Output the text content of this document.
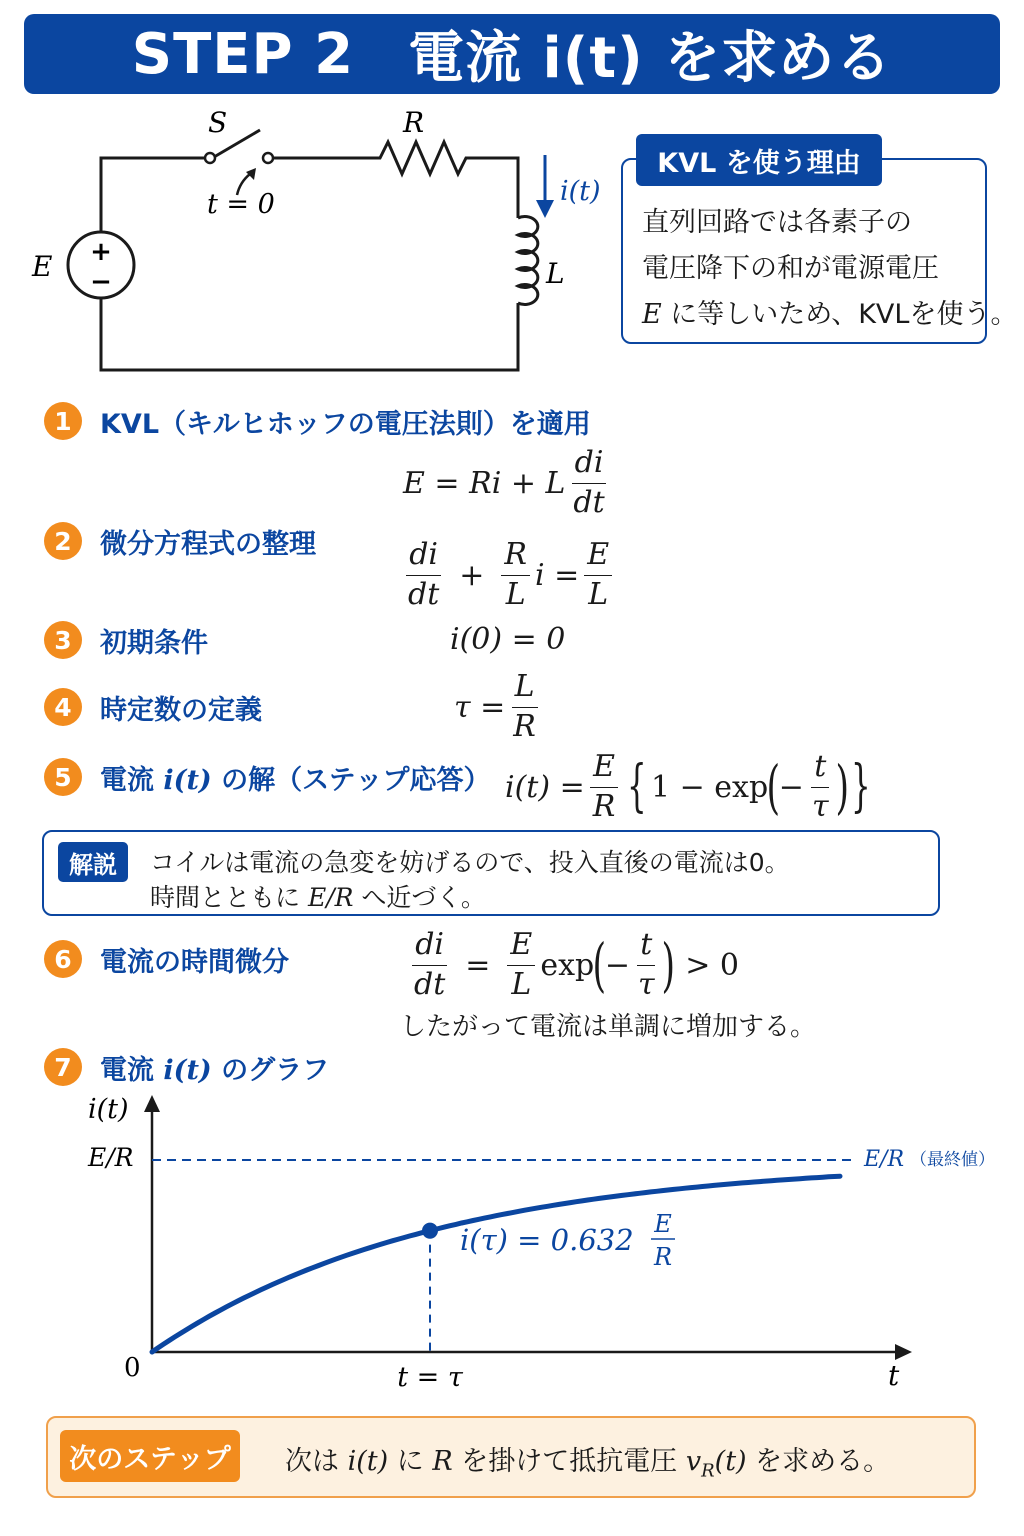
STEP 2 電流 i(t) を求める
S
t = 0
R
L
E
i(t)
+
−
KVL を使う理由
直列回路では各素子の
電圧降下の和が電源電圧
E に等しいため、KVLを使う。
1	KVL（キルヒホッフの電圧法則）を適用
E = Ri + L $\frac{di}{dt}$
2	微分方程式の整理	$\frac{di}{dt} + \frac{R}{L}$ $i = \frac{E}{L}$
3	初期条件	i(0) = 0
4	時定数の定義	$\tau = \frac{L}{R}$
5	電流 i(t) の解（ステップ応答） $i(t) = \frac{E}{R}$ { 1 − exp
(
− $\frac{t}{\tau}$ ) }
解説	コイルは電流の急変を妨げるので、投入直後の電流は0。
時間とともに E/R へ近づく。
6	電流の時間微分	$\frac{di}{dt} = \frac{E}{L}$ exp
(
− $\frac{t}{\tau}$ ) > 0
したがって電流は単調に増加する。
7	電流 i(t) のグラフ
i(t)
E/R
0	t
t = τ
E/R （最終値）
i(τ) = 0.632 E
R
次のステップ	次は i(t) に R を掛けて抵抗電圧 $v_R(t)$ を求める。
